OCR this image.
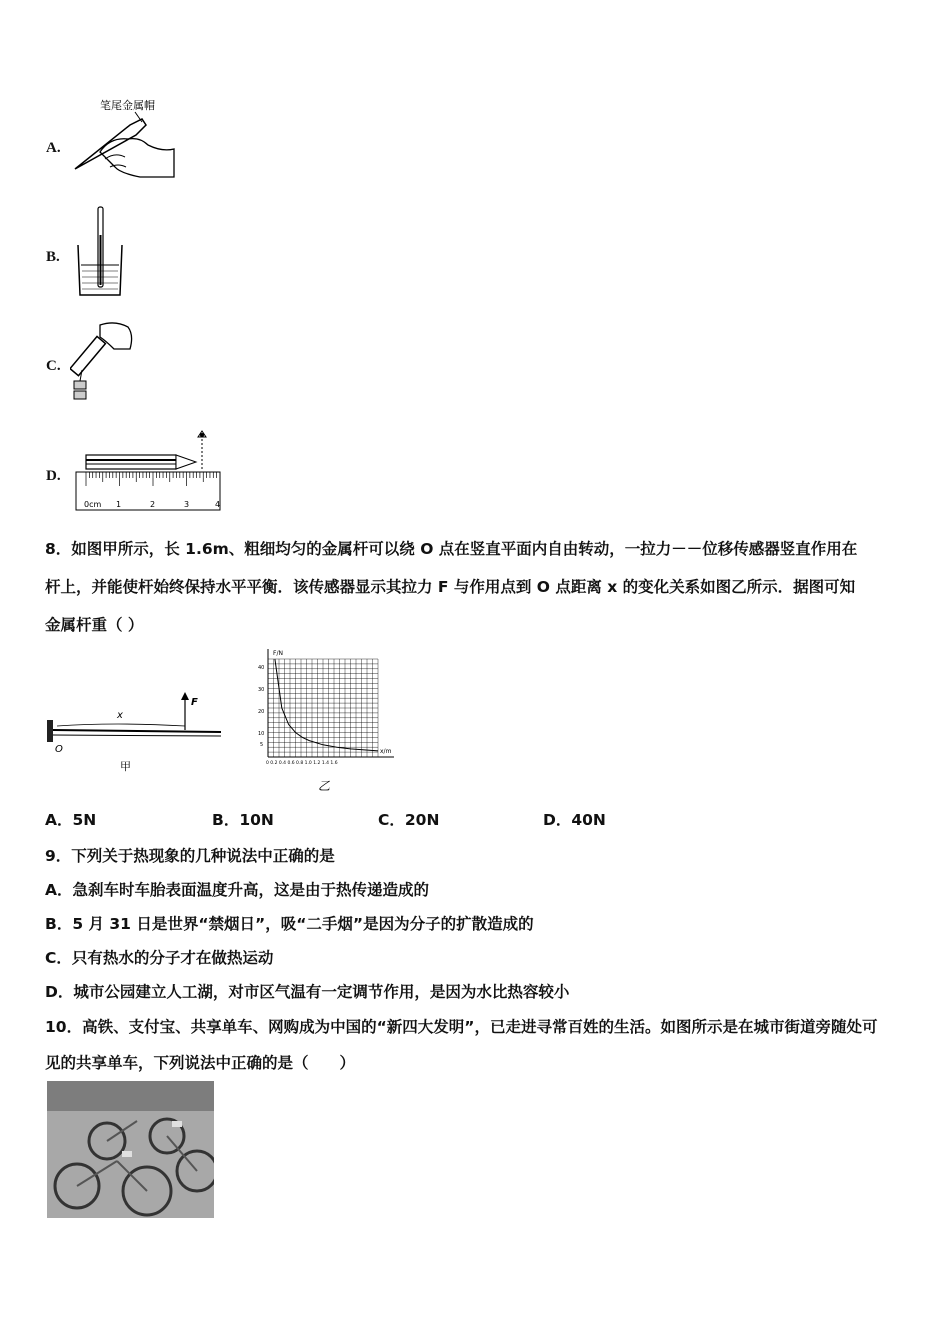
A.
笔尾金属帽
B.
C.
D.
0cm 1	2	3	4
8．如图甲所示，长 1.6m、粗细均匀的金属杆可以绕 O 点在竖直平面内自由转动，一拉力－－位移传感器竖直作用在
杆上，并能使杆始终保持水平平衡．该传感器显示其拉力 F 与作用点到 O 点距离 x 的变化关系如图乙所示．据图可知
金属杆重（ ）
O
x
F
甲
F/N
x/m
40
30
20
10
5
0 0.2 0.4 0.6 0.8 1.0 1.2 1.4 1.6
乙
A．5N	B．10N	C．20N	D．40N
9．下列关于热现象的几种说法中正确的是
A．急刹车时车胎表面温度升高，这是由于热传递造成的
B．5 月 31 日是世界“禁烟日”，吸“二手烟”是因为分子的扩散造成的
C．只有热水的分子才在做热运动
D．城市公园建立人工湖，对市区气温有一定调节作用，是因为水比热容较小
10．高铁、支付宝、共享单车、网购成为中国的“新四大发明”，已走进寻常百姓的生活。如图所示是在城市街道旁随处可
见的共享单车，下列说法中正确的是（　　）
